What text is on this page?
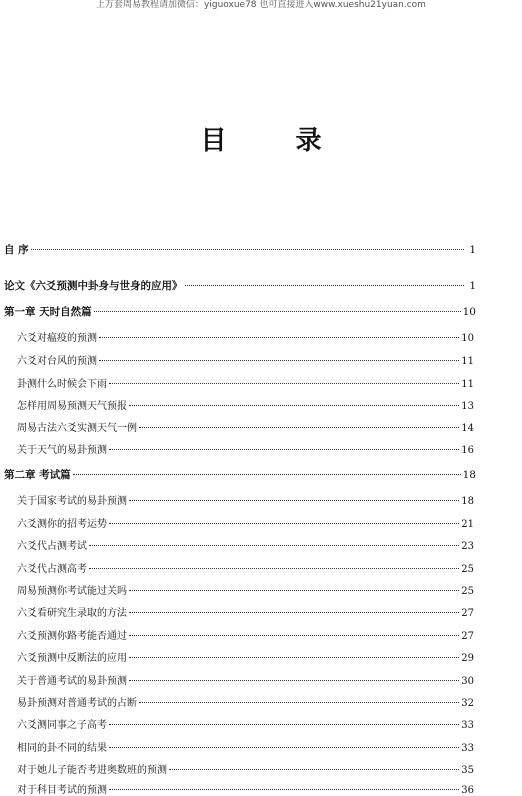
上万套周易教程请加微信：yiguoxue78 也可直接进入www.xueshu21yuan.com
目 录
自 序	1
论文《六爻预测中卦身与世身的应用》	1
第一章 天时自然篇	10
六爻对瘟疫的预测	10
六爻对台风的预测	11
卦测什么时候会下雨	11
怎样用周易预测天气预报	13
周易古法六爻实测天气一例	14
关于天气的易卦预测	16
第二章 考试篇	18
关于国家考试的易卦预测	18
六爻测你的招考运势	21
六爻代占测考试	23
六爻代占测高考	25
周易预测你考试能过关吗	25
六爻看研究生录取的方法	27
六爻预测你路考能否通过	27
六爻预测中反断法的应用	29
关于普通考试的易卦预测	30
易卦预测对普通考试的占断	32
六爻测同事之子高考	33
相同的卦不同的结果	33
对于她儿子能否考进奥数班的预测	35
对于科目考试的预测	36
